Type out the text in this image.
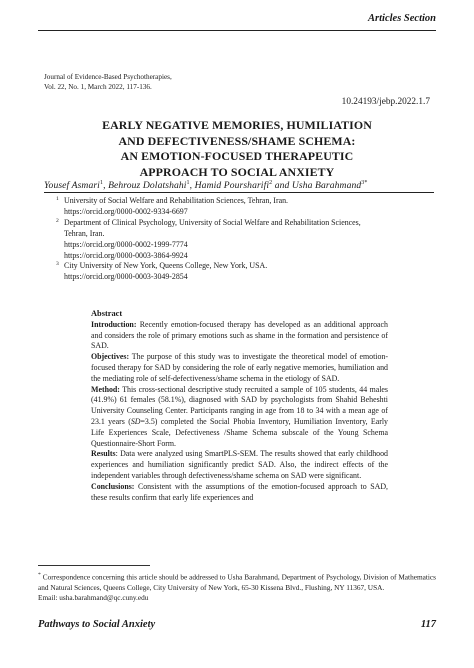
Articles Section
Journal of Evidence-Based Psychotherapies,
Vol. 22, No. 1, March 2022, 117-136.
10.24193/jebp.2022.1.7
EARLY NEGATIVE MEMORIES, HUMILIATION
AND DEFECTIVENESS/SHAME SCHEMA:
AN EMOTION-FOCUSED THERAPEUTIC
APPROACH TO SOCIAL ANXIETY
Yousef Asmari$^1$, Behrouz Dolatshahi$^1$, Hamid Poursharifi$^2$ and Usha Barahmand$^{3*}$
1 University of Social Welfare and Rehabilitation Sciences, Tehran, Iran.
https://orcid.org/0000-0002-9334-6697
2 Department of Clinical Psychology, University of Social Welfare and Rehabilitation Sciences,
Tehran, Iran.
https://orcid.org/0000-0002-1999-7774
https://orcid.org/0000-0003-3864-9924
3 City University of New York, Queens College, New York, USA.
https://orcid.org/0000-0003-3049-2854

Abstract

Introduction: Recently emotion-focused therapy has developed as an additional approach and considers the role of primary emotions such as shame in the formation and persistence of SAD.

Objectives: The purpose of this study was to investigate the theoretical model of emotion-focused therapy for SAD by considering the role of early negative memories, humiliation and the mediating role of self-defectiveness/shame schema in the etiology of SAD.

Method: This cross-sectional descriptive study recruited a sample of 105 students, 44 males (41.9%) 61 females (58.1%), diagnosed with SAD by psychologists from Shahid Beheshti University Counseling Center. Participants ranging in age from 18 to 34 with a mean age of 23.1 years (SD=3.5) completed the Social Phobia Inventory, Humiliation Inventory, Early Life Experiences Scale, Defectiveness /Shame Schema subscale of the Young Schema Questionnaire-Short Form.

Results: Data were analyzed using SmartPLS-SEM. The results showed that early childhood experiences and humiliation significantly predict SAD. Also, the indirect effects of the independent variables through defectiveness/shame schema on SAD were significant.

Conclusions: Consistent with the assumptions of the emotion-focused approach to SAD, these results confirm that early life experiences and

* Correspondence concerning this article should be addressed to Usha Barahmand, Department of Psychology, Division of Mathematics and Natural Sciences, Queens College, City University of New York, 65-30 Kissena Blvd., Flushing, NY 11367, USA.
Email: usha.barahmand@qc.cuny.edu
Pathways to Social Anxiety	117
